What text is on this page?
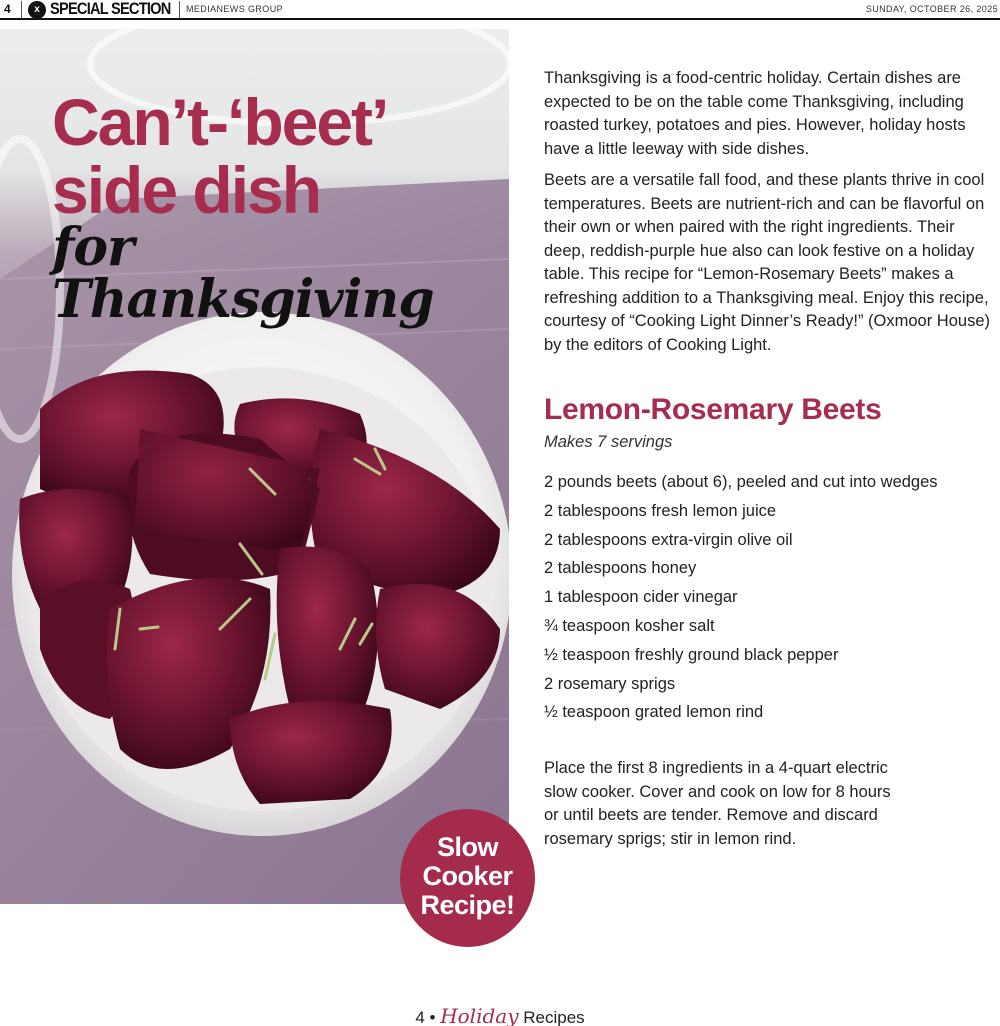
4	x SPECIAL SECTION MEDIANEWS GROUP	SUNDAY, OCTOBER 26, 2025
Can’t-‘beet’
side dish
for Thanksgiving
Slow
Cooker
Recipe!

Thanksgiving is a food-centric holiday. Certain dishes are expected to be on the table come Thanksgiving, including roasted turkey, potatoes and pies. However, holiday hosts have a little leeway with side dishes.

Beets are a versatile fall food, and these plants thrive in cool temperatures. Beets are nutrient-rich and can be flavorful on their own or when paired with the right ingredients. Their deep, reddish-purple hue also can look festive on a holiday table. This recipe for “Lemon-Rosemary Beets” makes a refreshing addition to a Thanksgiving meal. Enjoy this recipe, courtesy of “Cooking Light Dinner’s Ready!” (Oxmoor House) by the editors of Cooking Light.

Lemon-Rosemary Beets
Makes 7 servings
2 pounds beets (about 6), peeled and cut into wedges
2 tablespoons fresh lemon juice
2 tablespoons extra-virgin olive oil
2 tablespoons honey
1 tablespoon cider vinegar
¾ teaspoon kosher salt
½ teaspoon freshly ground black pepper
2 rosemary sprigs
½ teaspoon grated lemon rind

Place the first 8 ingredients in a 4-quart electric slow cooker. Cover and cook on low for 8 hours or until beets are tender. Remove and discard rosemary sprigs; stir in lemon rind.

4 • Holiday Recipes
